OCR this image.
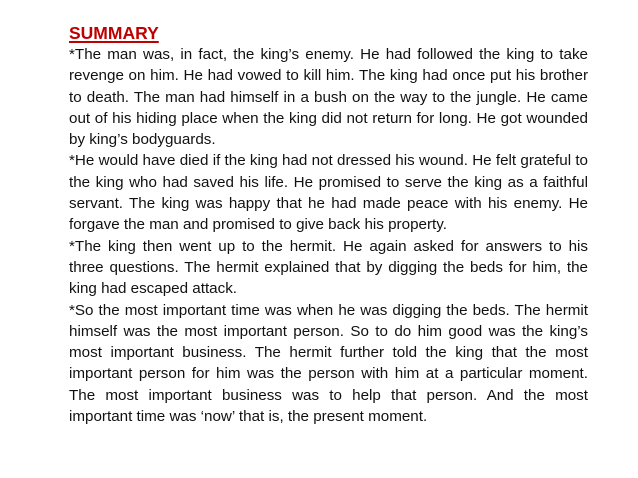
SUMMARY

*The man was, in fact, the king’s enemy. He had followed the king to take revenge on him. He had vowed to kill him. The king had once put his brother to death. The man had himself in a bush on the way to the jungle. He came out of his hiding place when the king did not return for long. He got wounded by king’s bodyguards.

*He would have died if the king had not dressed his wound. He felt grateful to the king who had saved his life. He promised to serve the king as a faithful servant. The king was happy that he had made peace with his enemy. He forgave the man and promised to give back his property.

*The king then went up to the hermit. He again asked for answers to his three questions. The hermit explained that by digging the beds for him, the king had escaped attack.

*So the most important time was when he was digging the beds. The hermit himself was the most important person. So to do him good was the king’s most important business. The hermit further told the king that the most important person for him was the person with him at a particular moment. The most important business was to help that person. And the most important time was ‘now’ that is, the present moment.
